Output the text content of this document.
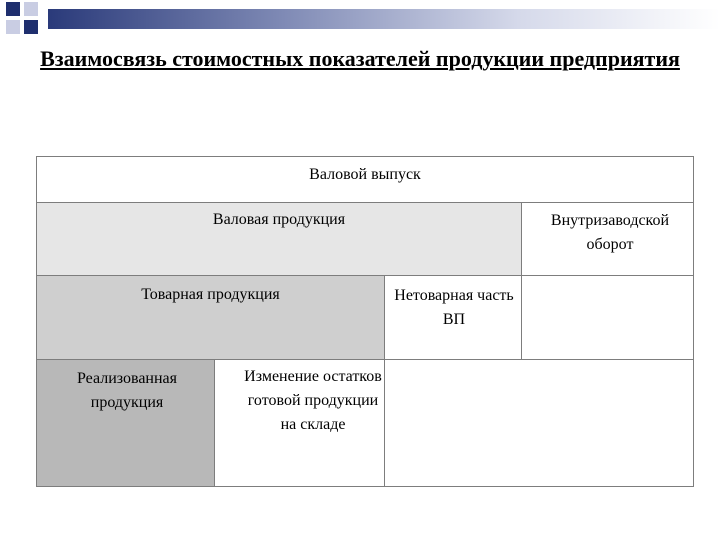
Взаимосвязь стоимостных показателей продукции предприятия
Валовой выпуск
Валовая продукция	Внутризаводской оборот
Товарная продукция	Нетоварная часть ВП
Реализованная продукция
Изменение остатков готовой продукции на складе
